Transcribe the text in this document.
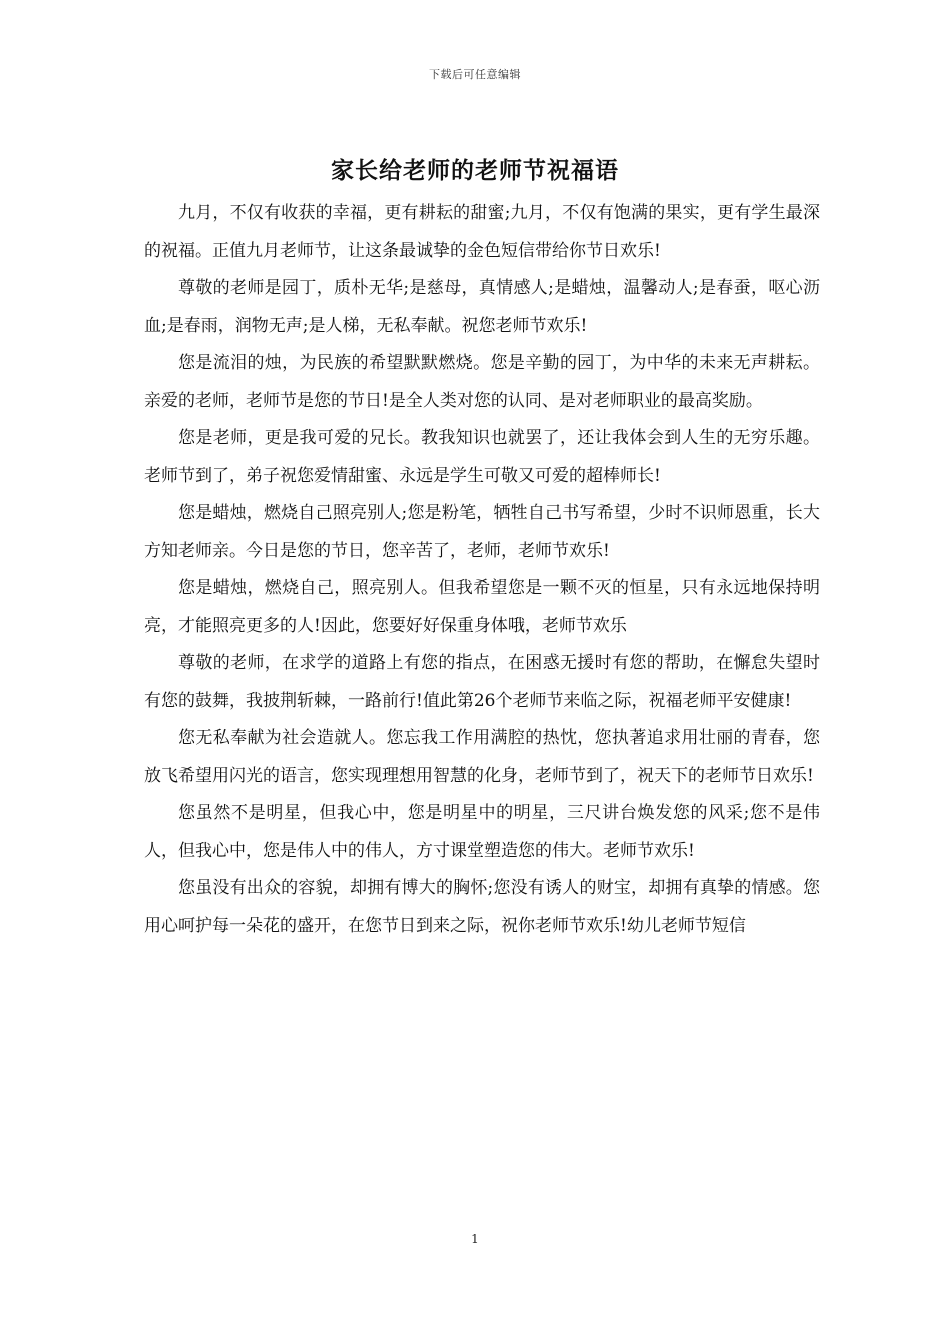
下载后可任意编辑
家长给老师的老师节祝福语

九月，不仅有收获的幸福，更有耕耘的甜蜜;九月，不仅有饱满的果实，更有学生最深的祝福。正值九月老师节，让这条最诚挚的金色短信带给你节日欢乐!

尊敬的老师是园丁，质朴无华;是慈母，真情感人;是蜡烛，温馨动人;是春蚕，呕心沥血;是春雨，润物无声;是人梯，无私奉献。祝您老师节欢乐!

您是流泪的烛，为民族的希望默默燃烧。您是辛勤的园丁，为中华的未来无声耕耘。亲爱的老师，老师节是您的节日!是全人类对您的认同、是对老师职业的最高奖励。

您是老师，更是我可爱的兄长。教我知识也就罢了，还让我体会到人生的无穷乐趣。老师节到了，弟子祝您爱情甜蜜、永远是学生可敬又可爱的超棒师长!

您是蜡烛，燃烧自己照亮别人;您是粉笔，牺牲自己书写希望，少时不识师恩重，长大方知老师亲。今日是您的节日，您辛苦了，老师，老师节欢乐!

您是蜡烛，燃烧自己，照亮别人。但我希望您是一颗不灭的恒星，只有永远地保持明亮，才能照亮更多的人!因此，您要好好保重身体哦，老师节欢乐

尊敬的老师，在求学的道路上有您的指点，在困惑无援时有您的帮助，在懈怠失望时有您的鼓舞，我披荆斩棘，一路前行!值此第26个老师节来临之际，祝福老师平安健康!

您无私奉献为社会造就人。您忘我工作用满腔的热忱，您执著追求用壮丽的青春，您放飞希望用闪光的语言，您实现理想用智慧的化身，老师节到了，祝天下的老师节日欢乐!

您虽然不是明星，但我心中，您是明星中的明星，三尺讲台焕发您的风采;您不是伟人，但我心中，您是伟人中的伟人，方寸课堂塑造您的伟大。老师节欢乐!

您虽没有出众的容貌，却拥有博大的胸怀;您没有诱人的财宝，却拥有真挚的情感。您用心呵护每一朵花的盛开，在您节日到来之际，祝你老师节欢乐!幼儿老师节短信

1
